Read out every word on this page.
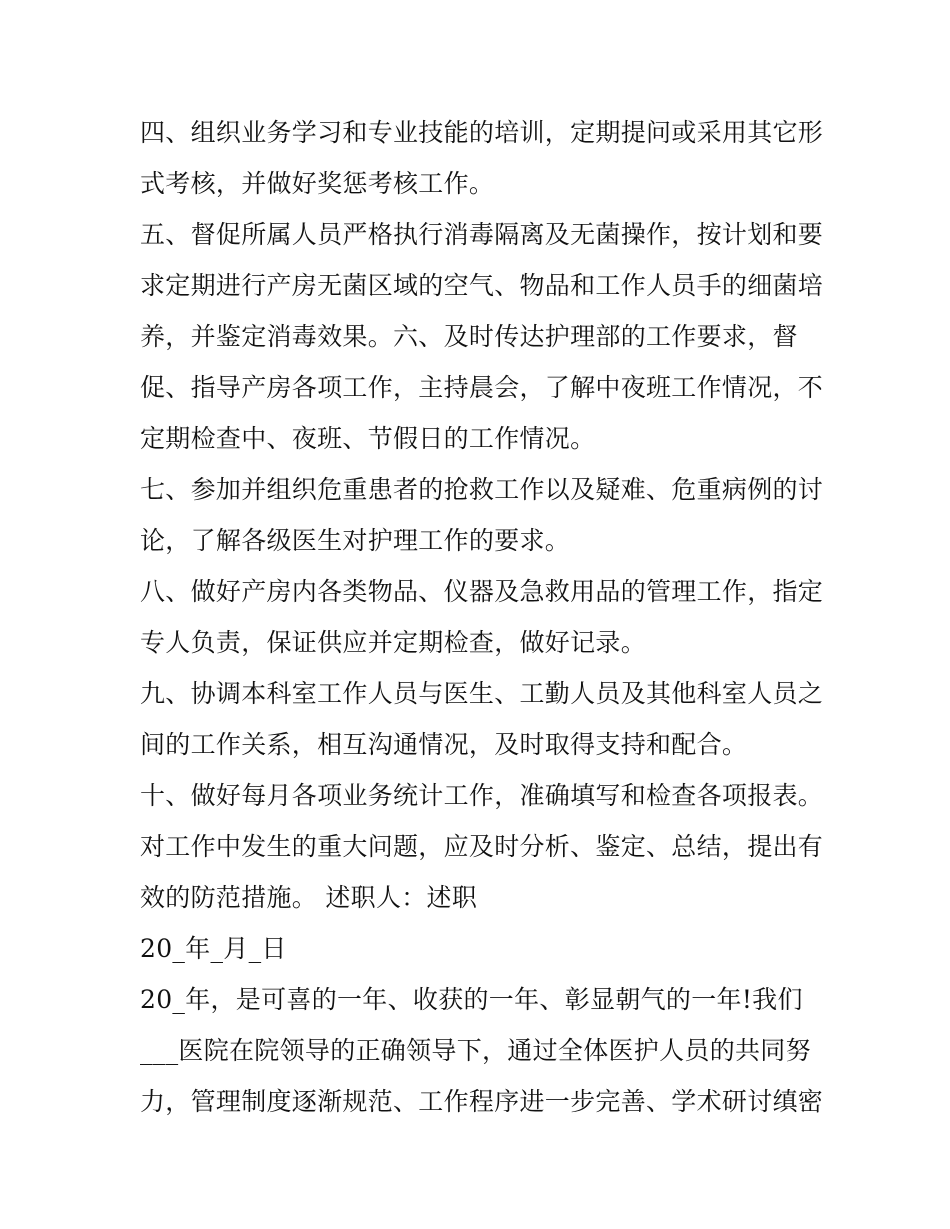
四、组织业务学习和专业技能的培训，定期提问或采用其它形
式考核，并做好奖惩考核工作。
五、督促所属人员严格执行消毒隔离及无菌操作，按计划和要
求定期进行产房无菌区域的空气、物品和工作人员手的细菌培
养，并鉴定消毒效果。六、及时传达护理部的工作要求，督
促、指导产房各项工作，主持晨会，了解中夜班工作情况，不
定期检查中、夜班、节假日的工作情况。
七、参加并组织危重患者的抢救工作以及疑难、危重病例的讨
论，了解各级医生对护理工作的要求。
八、做好产房内各类物品、仪器及急救用品的管理工作，指定
专人负责，保证供应并定期检查，做好记录。
九、协调本科室工作人员与医生、工勤人员及其他科室人员之
间的工作关系，相互沟通情况，及时取得支持和配合。
十、做好每月各项业务统计工作，准确填写和检查各项报表。
对工作中发生的重大问题，应及时分析、鉴定、总结，提出有
效的防范措施。 述职人：述职
20_年_月_日
20_年，是可喜的一年、收获的一年、彰显朝气的一年!我们
___医院在院领导的正确领导下，通过全体医护人员的共同努
力，管理制度逐渐规范、工作程序进一步完善、学术研讨缜密
